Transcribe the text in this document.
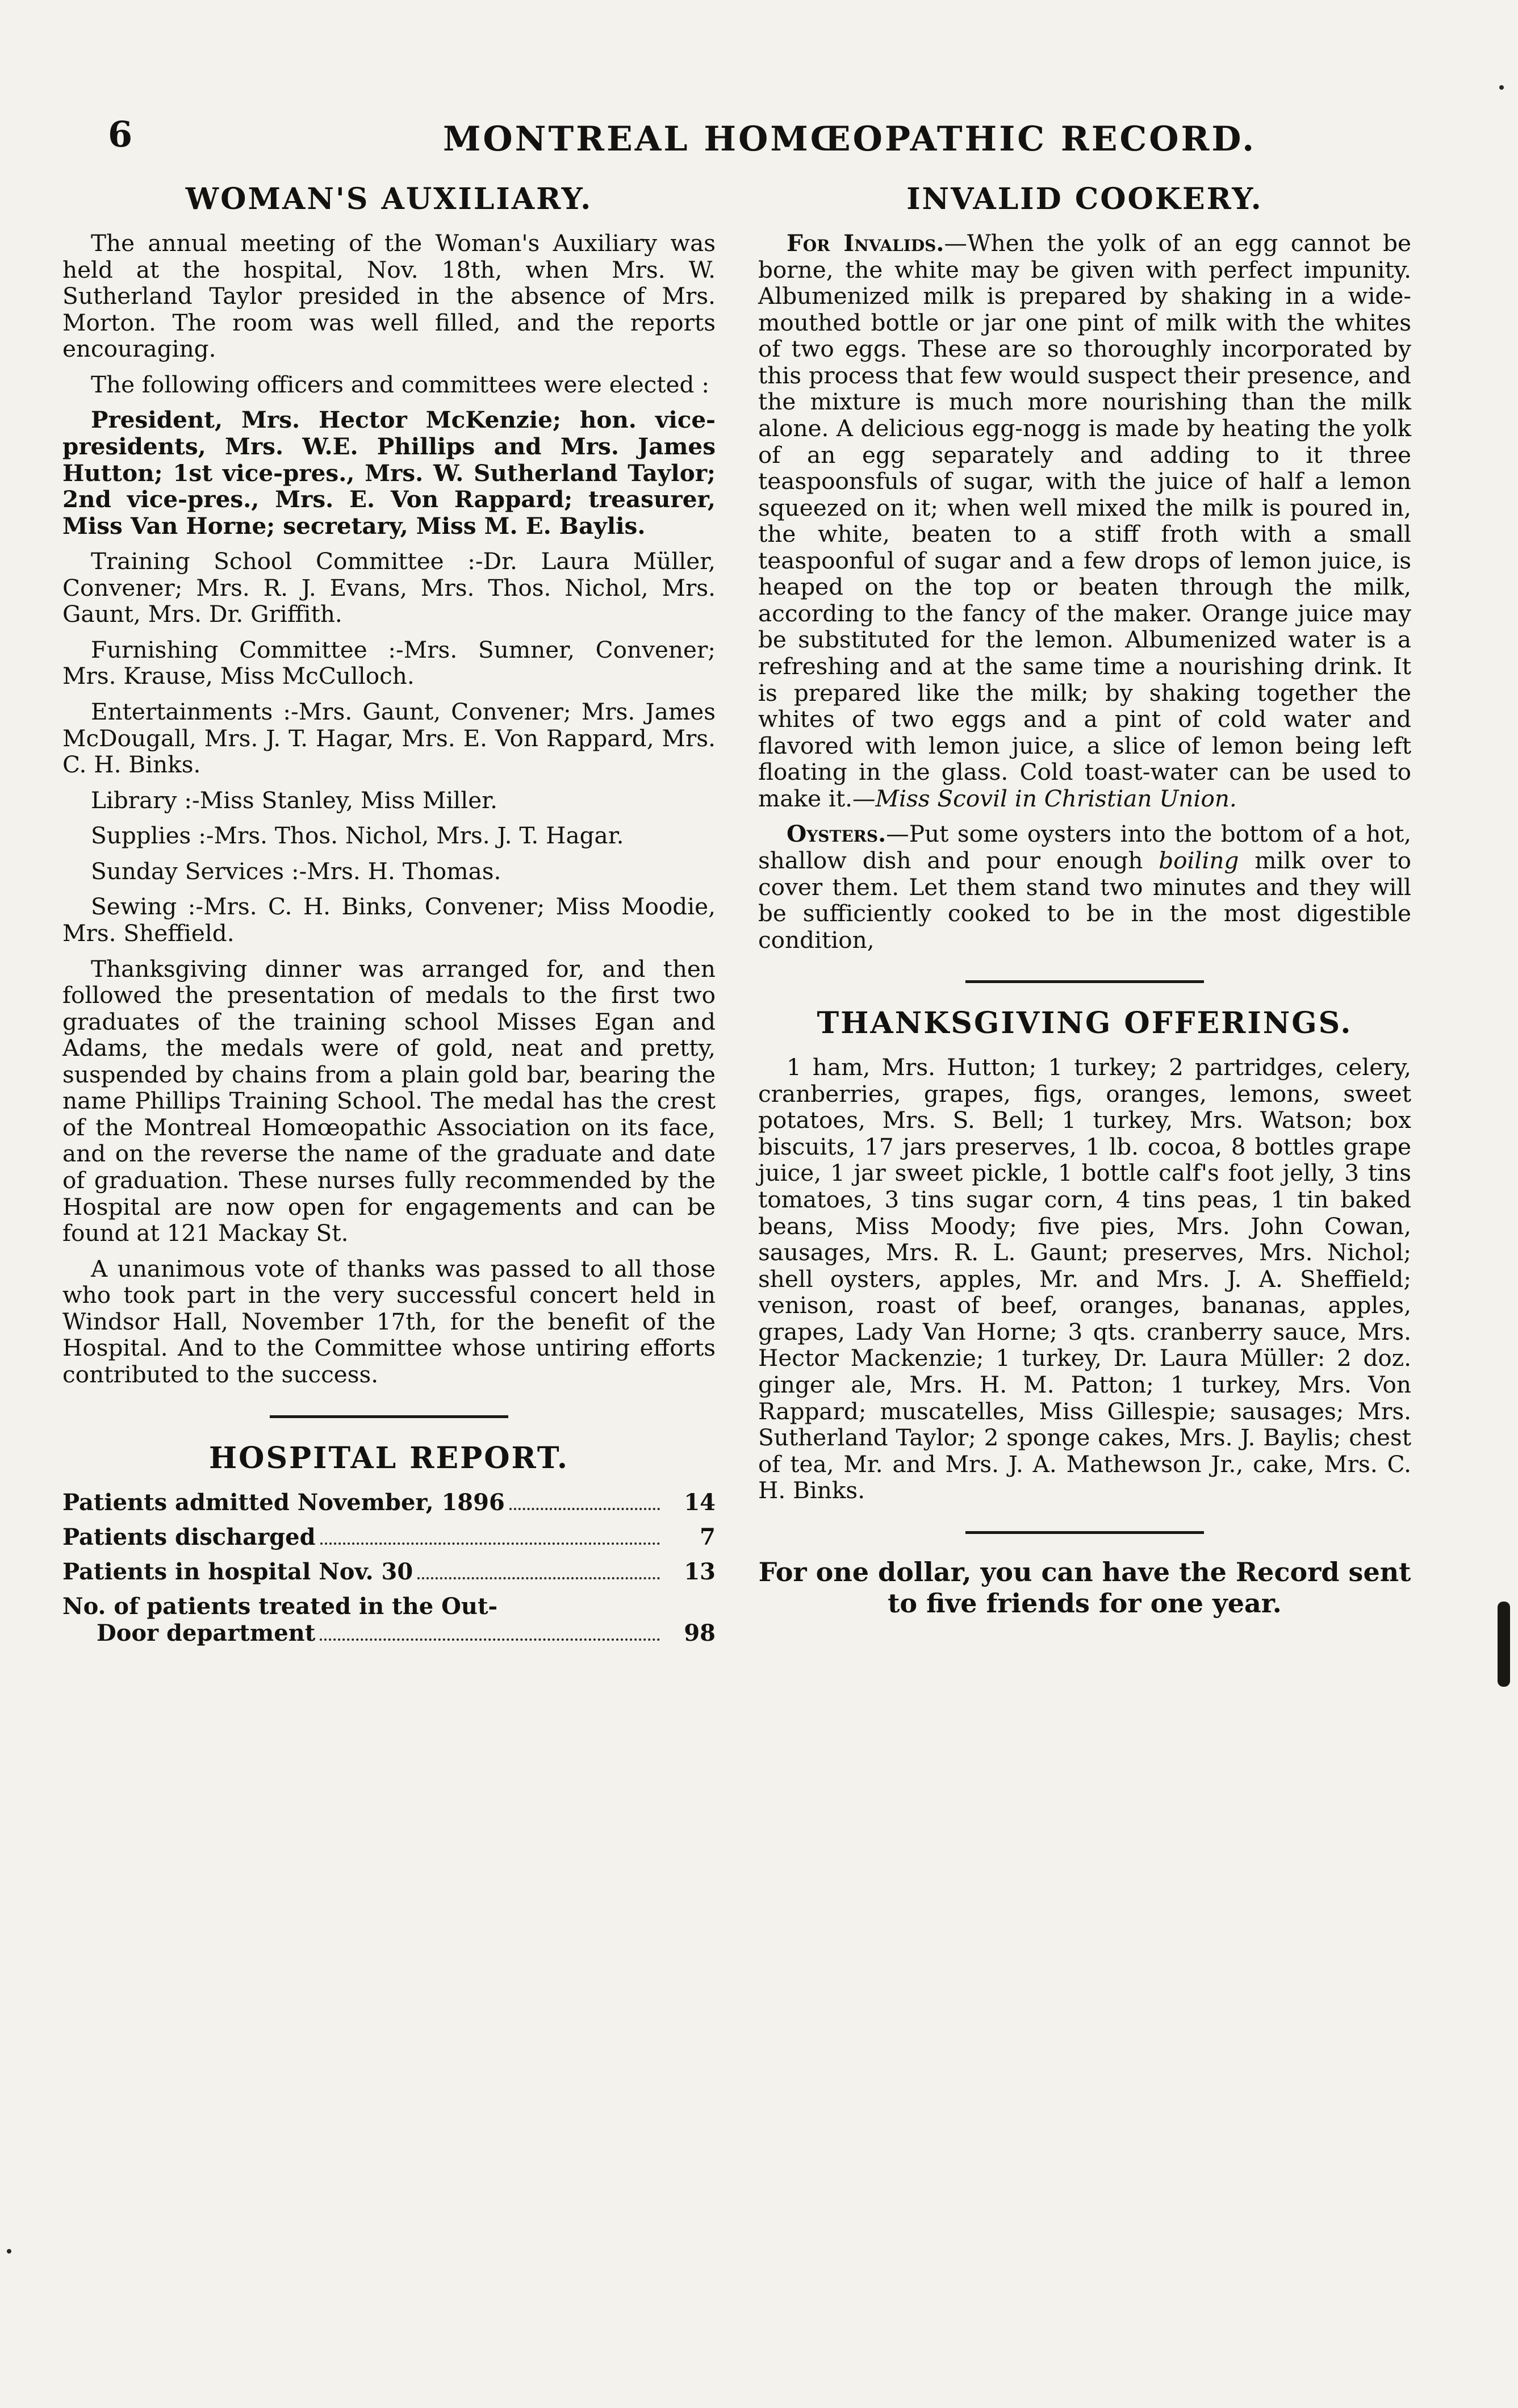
6	MONTREAL HOMŒOPATHIC RECORD.
WOMAN'S AUXILIARY.

The annual meeting of the Woman's Auxiliary was held at the hospital, Nov. 18th, when Mrs. W. Sutherland Taylor presided in the absence of Mrs. Morton. The room was well filled, and the reports encouraging.

The following officers and committees were elected :

President, Mrs. Hector McKenzie; hon. vice-presidents, Mrs. W.E. Phillips and Mrs. James Hutton; 1st vice-pres., Mrs. W. Sutherland Taylor; 2nd vice-pres., Mrs. E. Von Rappard; treasurer, Miss Van Horne; secretary, Miss M. E. Baylis.

Training School Committee :-Dr. Laura Müller, Convener; Mrs. R. J. Evans, Mrs. Thos. Nichol, Mrs. Gaunt, Mrs. Dr. Griffith.

Furnishing Committee :-Mrs. Sumner, Convener; Mrs. Krause, Miss McCulloch.

Entertainments :-Mrs. Gaunt, Convener; Mrs. James McDougall, Mrs. J. T. Hagar, Mrs. E. Von Rappard, Mrs. C. H. Binks.

Library :-Miss Stanley, Miss Miller.

Supplies :-Mrs. Thos. Nichol, Mrs. J. T. Hagar.

Sunday Services :-Mrs. H. Thomas.

Sewing :-Mrs. C. H. Binks, Convener; Miss Moodie, Mrs. Sheffield.

Thanksgiving dinner was arranged for, and then followed the presentation of medals to the first two graduates of the training school Misses Egan and Adams, the medals were of gold, neat and pretty, suspended by chains from a plain gold bar, bearing the name Phillips Training School. The medal has the crest of the Montreal Homœopathic Association on its face, and on the reverse the name of the graduate and date of graduation. These nurses fully recommended by the Hospital are now open for engagements and can be found at 121 Mackay St.

A unanimous vote of thanks was passed to all those who took part in the very successful concert held in Windsor Hall, November 17th, for the benefit of the Hospital. And to the Committee whose untiring efforts contributed to the success.

HOSPITAL REPORT.
Patients admitted November, 1896	14
Patients discharged	7
Patients in hospital Nov. 30	13
No. of patients treated in the Out-
Door department	98
INVALID COOKERY.

For Invalids.—When the yolk of an egg cannot be borne, the white may be given with perfect impunity. Albumenized milk is prepared by shaking in a wide-mouthed bottle or jar one pint of milk with the whites of two eggs. These are so thoroughly incorporated by this process that few would suspect their presence, and the mixture is much more nourishing than the milk alone. A delicious egg-nogg is made by heating the yolk of an egg separately and adding to it three teaspoonsfuls of sugar, with the juice of half a lemon squeezed on it; when well mixed the milk is poured in, the white, beaten to a stiff froth with a small teaspoonful of sugar and a few drops of lemon juice, is heaped on the top or beaten through the milk, according to the fancy of the maker. Orange juice may be substituted for the lemon. Albumenized water is a refreshing and at the same time a nourishing drink. It is prepared like the milk; by shaking together the whites of two eggs and a pint of cold water and flavored with lemon juice, a slice of lemon being left floating in the glass. Cold toast-water can be used to make it.—Miss Scovil in Christian Union.

Oysters.—Put some oysters into the bottom of a hot, shallow dish and pour enough boiling milk over to cover them. Let them stand two minutes and they will be sufficiently cooked to be in the most digestible condition,

THANKSGIVING OFFERINGS.

1 ham, Mrs. Hutton; 1 turkey; 2 partridges, celery, cranberries, grapes, figs, oranges, lemons, sweet potatoes, Mrs. S. Bell; 1 turkey, Mrs. Watson; box biscuits, 17 jars preserves, 1 lb. cocoa, 8 bottles grape juice, 1 jar sweet pickle, 1 bottle calf's foot jelly, 3 tins tomatoes, 3 tins sugar corn, 4 tins peas, 1 tin baked beans, Miss Moody; five pies, Mrs. John Cowan, sausages, Mrs. R. L. Gaunt; preserves, Mrs. Nichol; shell oysters, apples, Mr. and Mrs. J. A. Sheffield; venison, roast of beef, oranges, bananas, apples, grapes, Lady Van Horne; 3 qts. cranberry sauce, Mrs. Hector Mackenzie; 1 turkey, Dr. Laura Müller: 2 doz. ginger ale, Mrs. H. M. Patton; 1 turkey, Mrs. Von Rappard; muscatelles, Miss Gillespie; sausages; Mrs. Sutherland Taylor; 2 sponge cakes, Mrs. J. Baylis; chest of tea, Mr. and Mrs. J. A. Mathewson Jr., cake, Mrs. C. H. Binks.

For one dollar, you can have the Record sent to five friends for one year.
